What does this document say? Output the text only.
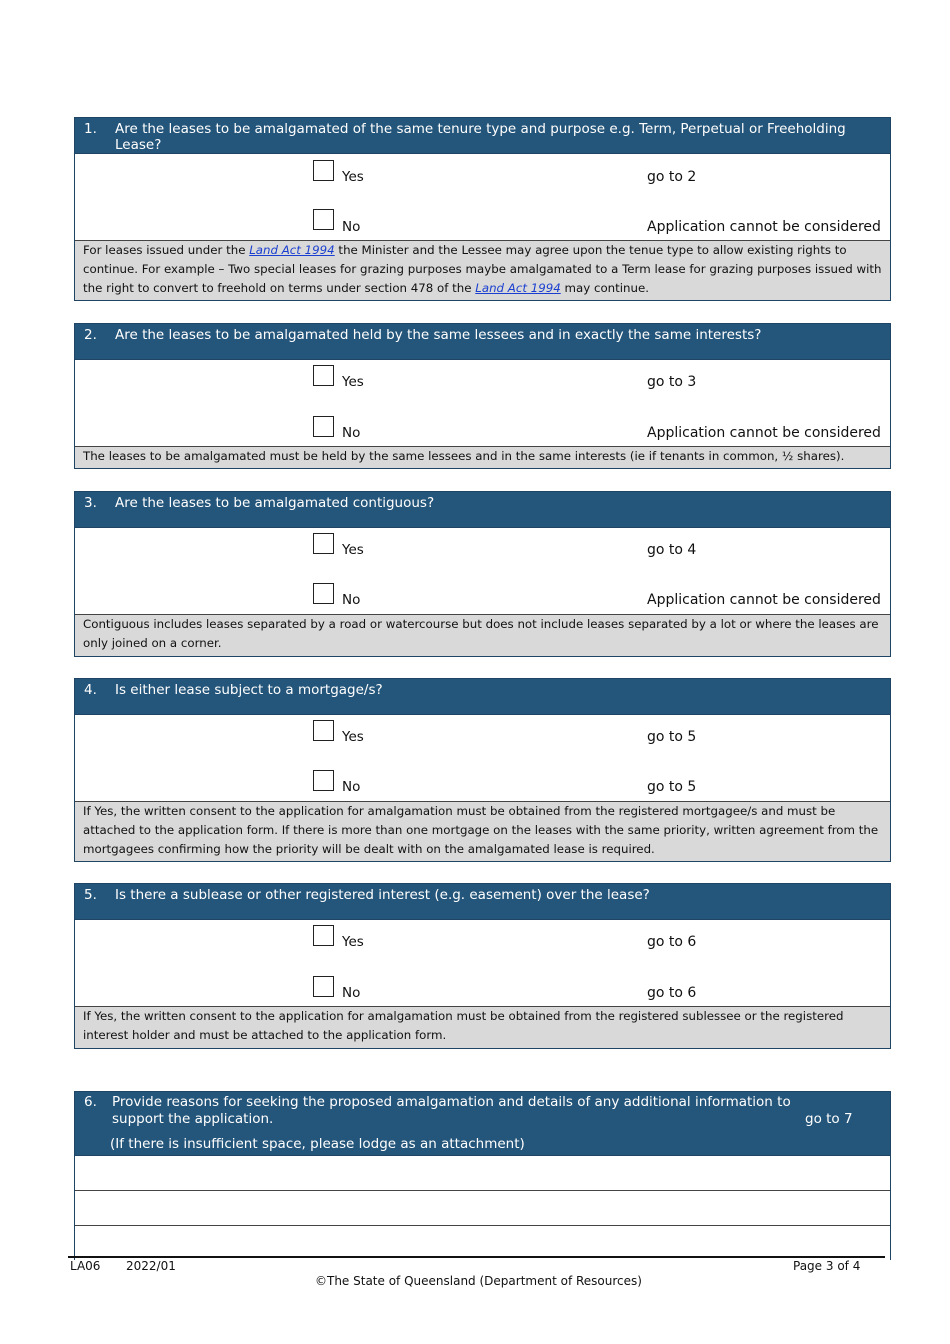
1. Are the leases to be amalgamated of the same tenure type and purpose e.g. Term, Perpetual or Freeholding Lease?
Yes	go to 2
No	Application cannot be considered
For leases issued under the Land Act 1994 the Minister and the Lessee may agree upon the tenue type to allow existing rights to continue. For example – Two special leases for grazing purposes maybe amalgamated to a Term lease for grazing purposes issued with the right to convert to freehold on terms under section 478 of the Land Act 1994 may continue.
2. Are the leases to be amalgamated held by the same lessees and in exactly the same interests?
Yes	go to 3
No	Application cannot be considered
The leases to be amalgamated must be held by the same lessees and in the same interests (ie if tenants in common, ½ shares).
3. Are the leases to be amalgamated contiguous?
Yes	go to 4
No	Application cannot be considered
Contiguous includes leases separated by a road or watercourse but does not include leases separated by a lot or where the leases are only joined on a corner.
4. Is either lease subject to a mortgage/s?
Yes	go to 5
No	go to 5
If Yes, the written consent to the application for amalgamation must be obtained from the registered mortgagee/s and must be attached to the application form. If there is more than one mortgage on the leases with the same priority, written agreement from the mortgagees confirming how the priority will be dealt with on the amalgamated lease is required.
5. Is there a sublease or other registered interest (e.g. easement) over the lease?
Yes	go to 6
No	go to 6
If Yes, the written consent to the application for amalgamation must be obtained from the registered sublessee or the registered interest holder and must be attached to the application form.
6. Provide reasons for seeking the proposed amalgamation and details of any additional information to support the application.	go to 7
(If there is insufficient space, please lodge as an attachment)
LA06 2022/01	Page 3 of 4
©The State of Queensland (Department of Resources)
